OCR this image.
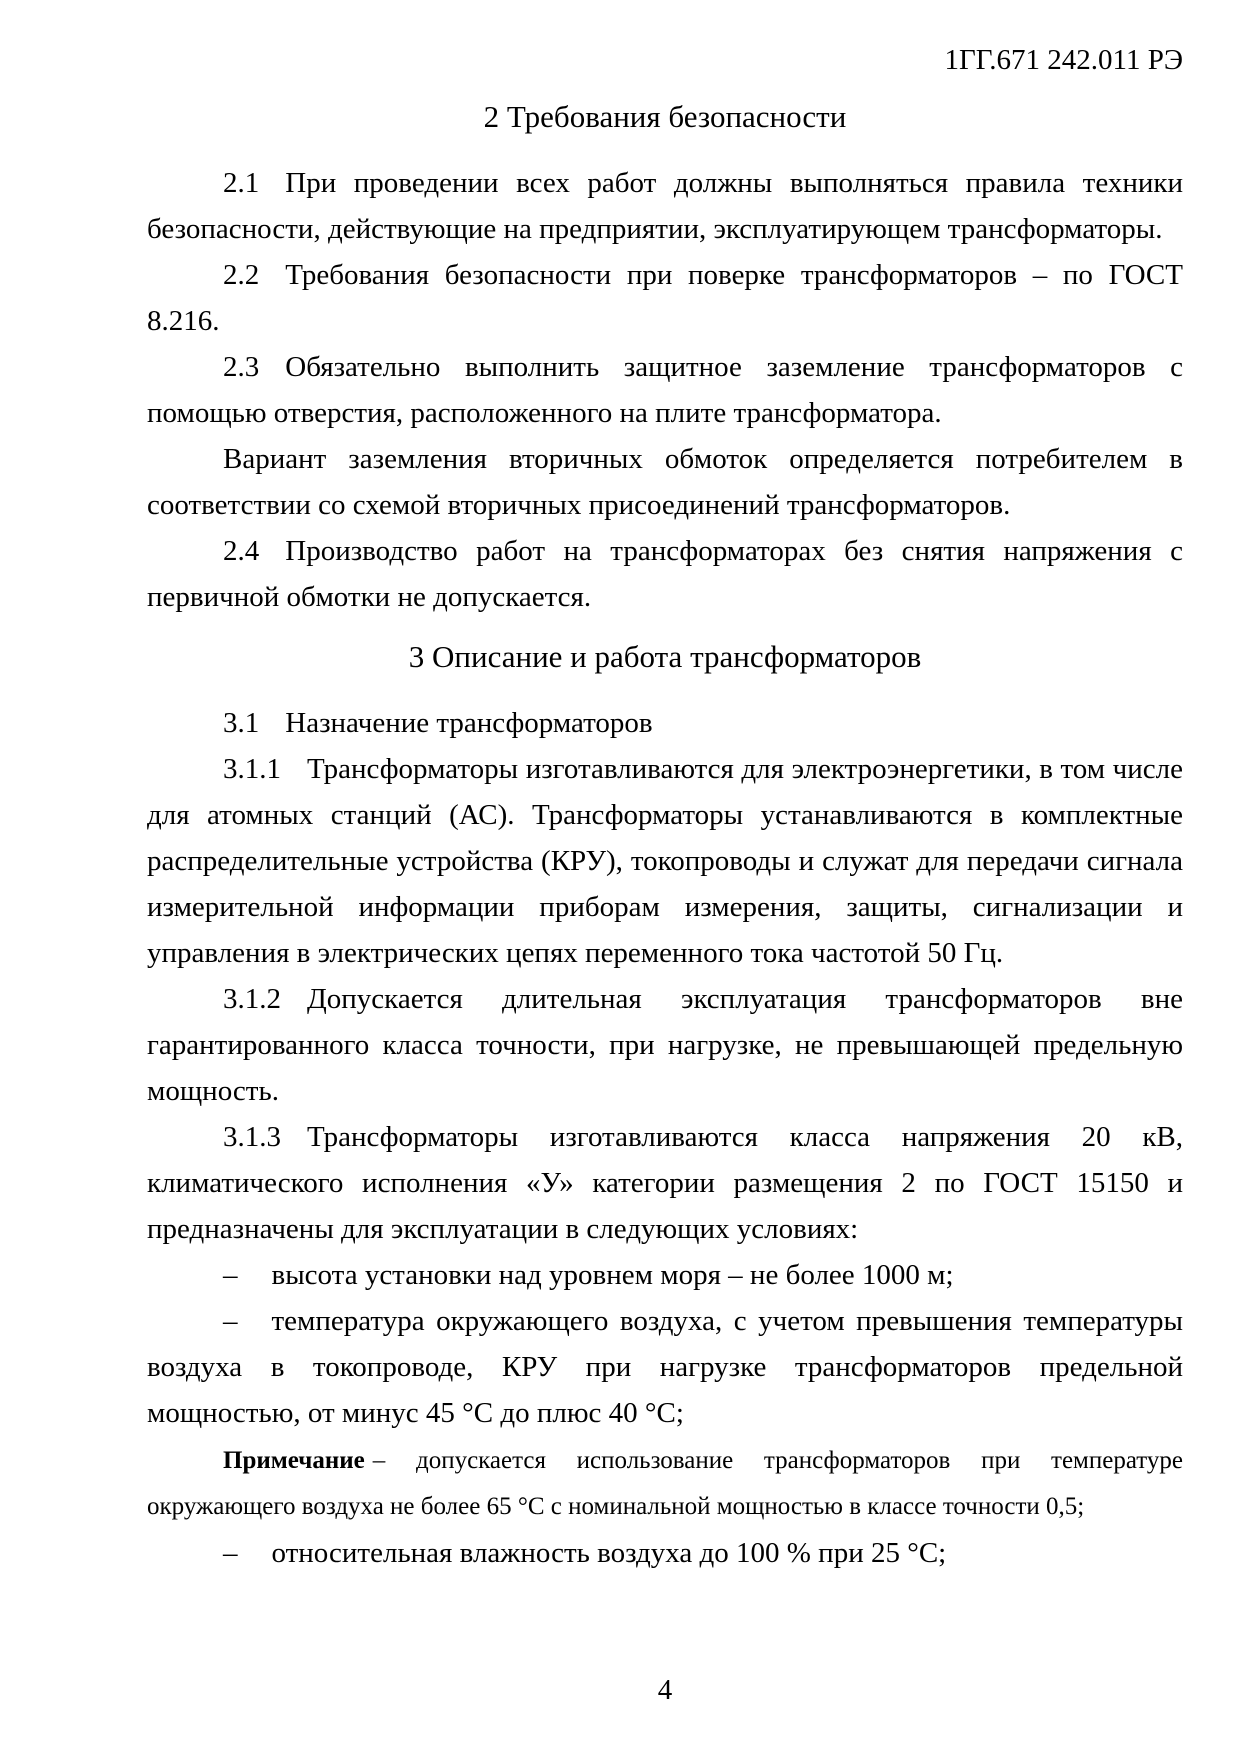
1ГГ.671 242.011 РЭ
2 Требования безопасности

2.1 При проведении всех работ должны выполняться правила техники безопасности, действующие на предприятии, эксплуатирующем трансформаторы.

2.2 Требования безопасности при поверке трансформаторов – по ГОСТ 8.216.

2.3 Обязательно выполнить защитное заземление трансформаторов с помощью отверстия, расположенного на плите трансформатора.

Вариант заземления вторичных обмоток определяется потребителем в соответствии со схемой вторичных присоединений трансформаторов.

2.4 Производство работ на трансформаторах без снятия напряжения с первичной обмотки не допускается.

3 Описание и работа трансформаторов

3.1 Назначение трансформаторов

3.1.1 Трансформаторы изготавливаются для электроэнергетики, в том числе для атомных станций (АС). Трансформаторы устанавливаются в комплектные распределительные устройства (КРУ), токопроводы и служат для передачи сигнала измерительной информации приборам измерения, защиты, сигнализации и управления в электрических цепях переменного тока частотой 50 Гц.

3.1.2 Допускается длительная эксплуатация трансформаторов вне гарантированного класса точности, при нагрузке, не превышающей предельную мощность.

3.1.3 Трансформаторы изготавливаются класса напряжения 20 кВ, климатического исполнения «У» категории размещения 2 по ГОСТ 15150 и предназначены для эксплуатации в следующих условиях:

– высота установки над уровнем моря – не более 1000 м;

– температура окружающего воздуха, с учетом превышения температуры воздуха в токопроводе, КРУ при нагрузке трансформаторов предельной мощностью, от минус 45 °С до плюс 40 °С;

Примечание – допускается использование трансформаторов при температуре окружающего воздуха не более 65 °С с номинальной мощностью в классе точности 0,5;

– относительная влажность воздуха до 100 % при 25 °С;

4
